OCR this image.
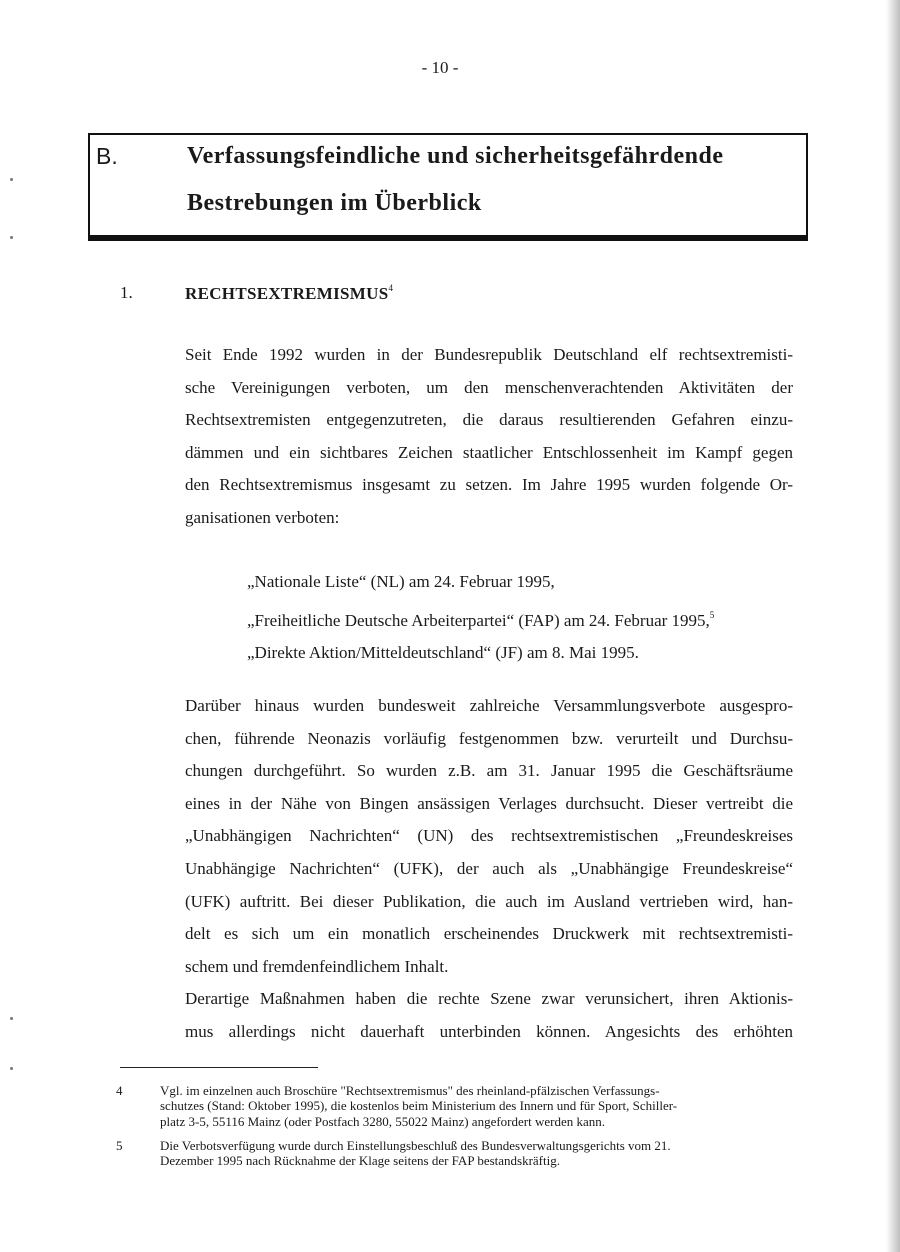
- 10 -
B.	Verfassungsfeindliche und sicherheitsgefährdende
Bestrebungen im Überblick
1.	RECHTSEXTREMISMUS$^4$

Seit Ende 1992 wurden in der Bundesrepublik Deutschland elf rechtsextremisti-
sche Vereinigungen verboten, um den menschenverachtenden Aktivitäten der
Rechtsextremisten entgegenzutreten, die daraus resultierenden Gefahren einzu-
dämmen und ein sichtbares Zeichen staatlicher Entschlossenheit im Kampf gegen
den Rechtsextremismus insgesamt zu setzen. Im Jahre 1995 wurden folgende Or-
ganisationen verboten:

„Nationale Liste“ (NL) am 24. Februar 1995,
„Freiheitliche Deutsche Arbeiterpartei“ (FAP) am 24. Februar 1995,$^5$
„Direkte Aktion/Mitteldeutschland“ (JF) am 8. Mai 1995.

Darüber hinaus wurden bundesweit zahlreiche Versammlungsverbote ausgespro-
chen, führende Neonazis vorläufig festgenommen bzw. verurteilt und Durchsu-
chungen durchgeführt. So wurden z.B. am 31. Januar 1995 die Geschäftsräume
eines in der Nähe von Bingen ansässigen Verlages durchsucht. Dieser vertreibt die
„Unabhängigen Nachrichten“ (UN) des rechtsextremistischen „Freundeskreises
Unabhängige Nachrichten“ (UFK), der auch als „Unabhängige Freundeskreise“
(UFK) auftritt. Bei dieser Publikation, die auch im Ausland vertrieben wird, han-
delt es sich um ein monatlich erscheinendes Druckwerk mit rechtsextremisti-
schem und fremdenfeindlichem Inhalt.
Derartige Maßnahmen haben die rechte Szene zwar verunsichert, ihren Aktionis-
mus allerdings nicht dauerhaft unterbinden können. Angesichts des erhöhten

4	Vgl. im einzelnen auch Broschüre "Rechtsextremismus" des rheinland-pfälzischen Verfassungs-
schutzes (Stand: Oktober 1995), die kostenlos beim Ministerium des Innern und für Sport, Schiller-
platz 3-5, 55116 Mainz (oder Postfach 3280, 55022 Mainz) angefordert werden kann.
5	Die Verbotsverfügung wurde durch Einstellungsbeschluß des Bundesverwaltungsgerichts vom 21.
Dezember 1995 nach Rücknahme der Klage seitens der FAP bestandskräftig.
